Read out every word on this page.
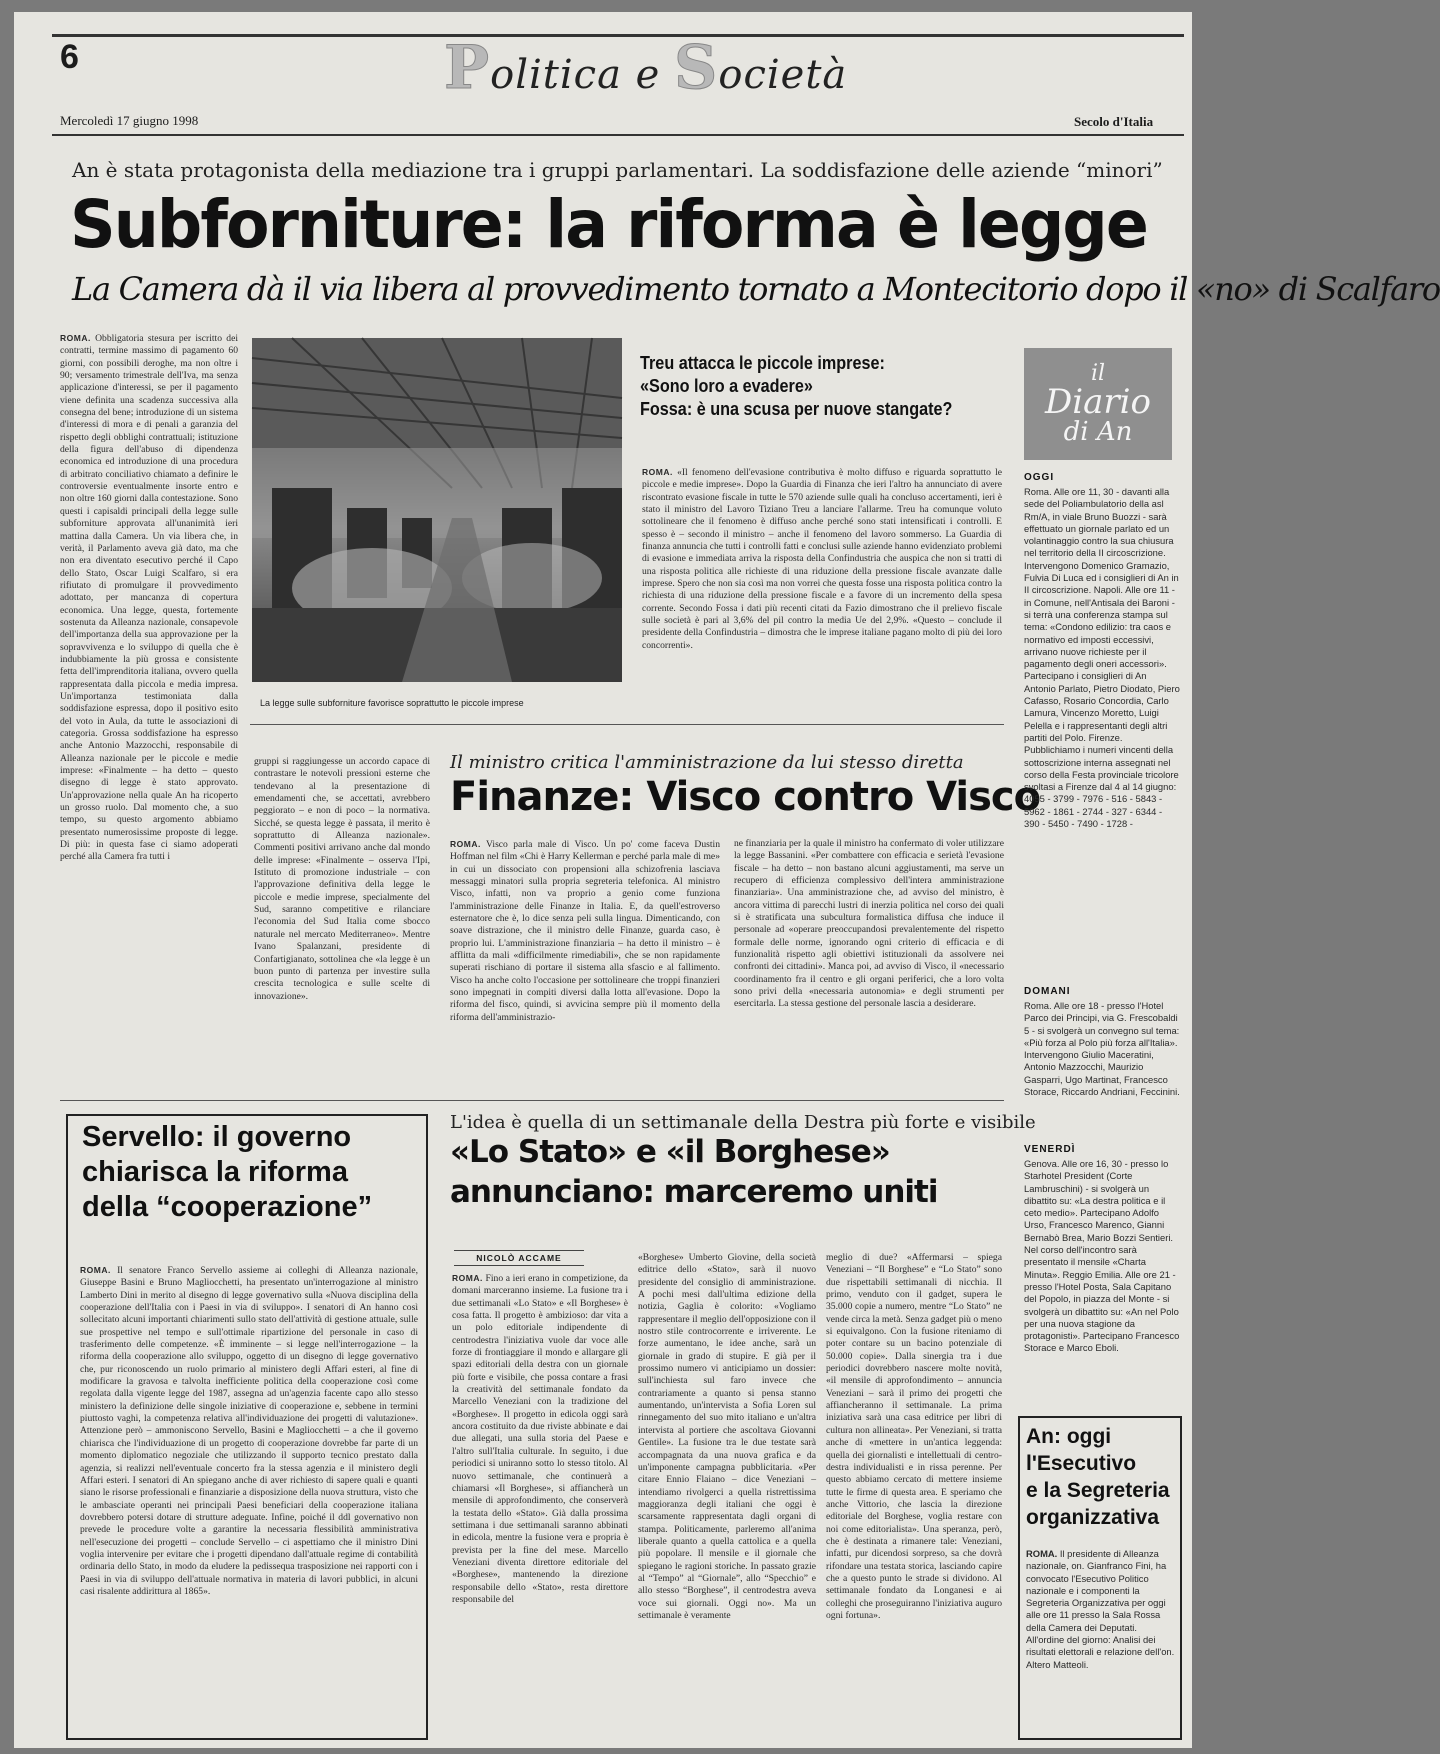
6	Politica e Società
Mercoledì 17 giugno 1998	Secolo d'Italia
An è stata protagonista della mediazione tra i gruppi parlamentari. La soddisfazione delle aziende “minori”
Subforniture: la riforma è legge
La Camera dà il via libera al provvedimento tornato a Montecitorio dopo il «no» di Scalfaro
ROMA. Obbligatoria stesura per iscritto dei contratti, termine massimo di pagamento 60 giorni, con possibili deroghe, ma non oltre i 90; versamento trimestrale dell'Iva, ma senza applicazione d'interessi, se per il pagamento viene definita una scadenza successiva alla consegna del bene; introduzione di un sistema d'interessi di mora e di penali a garanzia del rispetto degli obblighi contrattuali; istituzione della figura dell'abuso di dipendenza economica ed introduzione di una procedura di arbitrato conciliativo chiamato a definire le controversie eventualmente insorte entro e non oltre 160 giorni dalla contestazione. Sono questi i capisaldi principali della legge sulle subforniture approvata all'unanimità ieri mattina dalla Camera. Un via libera che, in verità, il Parlamento aveva già dato, ma che non era diventato esecutivo perché il Capo dello Stato, Oscar Luigi Scalfaro, si era rifiutato di promulgare il provvedimento adottato, per mancanza di copertura economica. Una legge, questa, fortemente sostenuta da Alleanza nazionale, consapevole dell'importanza della sua approvazione per la sopravvivenza e lo sviluppo di quella che è indubbiamente la più grossa e consistente fetta dell'imprenditoria italiana, ovvero quella rappresentata dalla piccola e media impresa. Un'importanza testimoniata dalla soddisfazione espressa, dopo il positivo esito del voto in Aula, da tutte le associazioni di categoria. Grossa soddisfazione ha espresso anche Antonio Mazzocchi, responsabile di Alleanza nazionale per le piccole e medie imprese: «Finalmente – ha detto – questo disegno di legge è stato approvato. Un'approvazione nella quale An ha ricoperto un grosso ruolo. Dal momento che, a suo tempo, su questo argomento abbiamo presentato numerosissime proposte di legge. Di più: in questa fase ci siamo adoperati perché alla Camera fra tutti i
La legge sulle subforniture favorisce soprattutto le piccole imprese
Treu attacca le piccole imprese:
«Sono loro a evadere»
Fossa: è una scusa per nuove stangate?
ROMA. «Il fenomeno dell'evasione contributiva è molto diffuso e riguarda soprattutto le piccole e medie imprese». Dopo la Guardia di Finanza che ieri l'altro ha annunciato di avere riscontrato evasione fiscale in tutte le 570 aziende sulle quali ha concluso accertamenti, ieri è stato il ministro del Lavoro Tiziano Treu a lanciare l'allarme. Treu ha comunque voluto sottolineare che il fenomeno è diffuso anche perché sono stati intensificati i controlli. E spesso è – secondo il ministro – anche il fenomeno del lavoro sommerso. La Guardia di finanza annuncia che tutti i controlli fatti e conclusi sulle aziende hanno evidenziato problemi di evasione e immediata arriva la risposta della Confindustria che auspica che non si tratti di una risposta politica alle richieste di una riduzione della pressione fiscale avanzate dalle imprese. Spero che non sia così ma non vorrei che questa fosse una risposta politica contro la richiesta di una riduzione della pressione fiscale e a favore di un incremento della spesa corrente. Secondo Fossa i dati più recenti citati da Fazio dimostrano che il prelievo fiscale sulle società è pari al 3,6% del pil contro la media Ue del 2,9%. «Questo – conclude il presidente della Confindustria – dimostra che le imprese italiane pagano molto di più dei loro concorrenti».
gruppi si raggiungesse un accordo capace di contrastare le notevoli pressioni esterne che tendevano al la presentazione di emendamenti che, se accettati, avrebbero peggiorato – e non di poco – la normativa. Sicché, se questa legge è passata, il merito è soprattutto di Alleanza nazionale». Commenti positivi arrivano anche dal mondo delle imprese: «Finalmente – osserva l'Ipi, Istituto di promozione industriale – con l'approvazione definitiva della legge le piccole e medie imprese, specialmente del Sud, saranno competitive e rilanciare l'economia del Sud Italia come sbocco naturale nel mercato Mediterraneo». Mentre Ivano Spalanzani, presidente di Confartigianato, sottolinea che «la legge è un buon punto di partenza per investire sulla crescita tecnologica e sulle scelte di innovazione».
Il ministro critica l'amministrazione da lui stesso diretta
Finanze: Visco contro Visco
ROMA. Visco parla male di Visco. Un po' come faceva Dustin Hoffman nel film «Chi è Harry Kellerman e perché parla male di me» in cui un dissociato con propensioni alla schizofrenia lasciava messaggi minatori sulla propria segreteria telefonica. Al ministro Visco, infatti, non va proprio a genio come funziona l'amministrazione delle Finanze in Italia. E, da quell'estroverso esternatore che è, lo dice senza peli sulla lingua. Dimenticando, con soave distrazione, che il ministro delle Finanze, guarda caso, è proprio lui. L'amministrazione finanziaria – ha detto il ministro – è afflitta da mali «difficilmente rimediabili», che se non rapidamente superati rischiano di portare il sistema alla sfascio e al fallimento. Visco ha anche colto l'occasione per sottolineare che troppi finanzieri sono impegnati in compiti diversi dalla lotta all'evasione. Dopo la riforma del fisco, quindi, si avvicina sempre più il momento della riforma dell'amministrazio-
ne finanziaria per la quale il ministro ha confermato di voler utilizzare la legge Bassanini. «Per combattere con efficacia e serietà l'evasione fiscale – ha detto – non bastano alcuni aggiustamenti, ma serve un recupero di efficienza complessivo dell'intera amministrazione finanziaria». Una amministrazione che, ad avviso del ministro, è ancora vittima di parecchi lustri di inerzia politica nel corso dei quali si è stratificata una subcultura formalistica diffusa che induce il personale ad «operare preoccupandosi prevalentemente del rispetto formale delle norme, ignorando ogni criterio di efficacia e di funzionalità rispetto agli obiettivi istituzionali da assolvere nei confronti dei cittadini». Manca poi, ad avviso di Visco, il «necessario coordinamento fra il centro e gli organi periferici, che a loro volta sono privi della «necessaria autonomia» e degli strumenti per esercitarla. La stessa gestione del personale lascia a desiderare.
Servello: il governo
chiarisca la riforma
della “cooperazione”
ROMA. Il senatore Franco Servello assieme ai colleghi di Alleanza nazionale, Giuseppe Basini e Bruno Magliocchetti, ha presentato un'interrogazione al ministro Lamberto Dini in merito al disegno di legge governativo sulla «Nuova disciplina della cooperazione dell'Italia con i Paesi in via di sviluppo». I senatori di An hanno così sollecitato alcuni importanti chiarimenti sullo stato dell'attività di gestione attuale, sulle sue prospettive nel tempo e sull'ottimale ripartizione del personale in caso di trasferimento delle competenze. «È imminente – si legge nell'interrogazione – la riforma della cooperazione allo sviluppo, oggetto di un disegno di legge governativo che, pur riconoscendo un ruolo primario al ministero degli Affari esteri, al fine di modificare la gravosa e talvolta inefficiente politica della cooperazione così come regolata dalla vigente legge del 1987, assegna ad un'agenzia facente capo allo stesso ministero la definizione delle singole iniziative di cooperazione e, sebbene in termini piuttosto vaghi, la competenza relativa all'individuazione dei progetti di valutazione». Attenzione però – ammoniscono Servello, Basini e Magliocchetti – a che il governo chiarisca che l'individuazione di un progetto di cooperazione dovrebbe far parte di un momento diplomatico negoziale che utilizzando il supporto tecnico prestato dalla agenzia, si realizzi nell'eventuale concerto fra la stessa agenzia e il ministero degli Affari esteri. I senatori di An spiegano anche di aver richiesto di sapere quali e quanti siano le risorse professionali e finanziarie a disposizione della nuova struttura, visto che le ambasciate operanti nei principali Paesi beneficiari della cooperazione italiana dovrebbero potersi dotare di strutture adeguate. Infine, poiché il ddl governativo non prevede le procedure volte a garantire la necessaria flessibilità amministrativa nell'esecuzione dei progetti – conclude Servello – ci aspettiamo che il ministro Dini voglia intervenire per evitare che i progetti dipendano dall'attuale regime di contabilità ordinaria dello Stato, in modo da eludere la pedissequa trasposizione nei rapporti con i Paesi in via di sviluppo dell'attuale normativa in materia di lavori pubblici, in alcuni casi risalente addirittura al 1865».
L'idea è quella di un settimanale della Destra più forte e visibile
«Lo Stato» e «il Borghese»
annunciano: marceremo uniti
NICOLÒ ACCAME
ROMA. Fino a ieri erano in competizione, da domani marceranno insieme. La fusione tra i due settimanali «Lo Stato» e «Il Borghese» è cosa fatta. Il progetto è ambizioso: dar vita a un polo editoriale indipendente di centrodestra l'iniziativa vuole dar voce alle forze di frontiaggiare il mondo e allargare gli spazi editoriali della destra con un giornale più forte e visibile, che possa contare a frasi la creatività del settimanale fondato da Marcello Veneziani con la tradizione del «Borghese». Il progetto in edicola oggi sarà ancora costituito da due riviste abbinate e dai due allegati, una sulla storia del Paese e l'altro sull'Italia culturale. In seguito, i due periodici si uniranno sotto lo stesso titolo. Al nuovo settimanale, che continuerà a chiamarsi «Il Borghese», si affiancherà un mensile di approfondimento, che conserverà la testata dello «Stato». Già dalla prossima settimana i due settimanali saranno abbinati in edicola, mentre la fusione vera e propria è prevista per la fine del mese. Marcello Veneziani diventa direttore editoriale del «Borghese», mantenendo la direzione responsabile dello «Stato», resta direttore responsabile del
«Borghese» Umberto Giovine, della società editrice dello «Stato», sarà il nuovo presidente del consiglio di amministrazione. A pochi mesi dall'ultima edizione della notizia, Gaglia è colorito: «Vogliamo rappresentare il meglio dell'opposizione con il nostro stile controcorrente e irriverente. Le forze aumentano, le idee anche, sarà un giornale in grado di stupire. E già per il prossimo numero vi anticipiamo un dossier: sull'inchiesta sul faro invece che contrariamente a quanto si pensa stanno aumentando, un'intervista a Sofia Loren sul rinnegamento del suo mito italiano e un'altra intervista al portiere che ascoltava Giovanni Gentile». La fusione tra le due testate sarà accompagnata da una nuova grafica e da un'imponente campagna pubblicitaria. «Per citare Ennio Flaiano – dice Veneziani – intendiamo rivolgerci a quella ristrettissima maggioranza degli italiani che oggi è scarsamente rappresentata dagli organi di stampa. Politicamente, parleremo all'anima liberale quanto a quella cattolica e a quella più popolare. Il mensile e il giornale che spiegano le ragioni storiche. In passato grazie al “Tempo” al “Giornale”, allo “Specchio” e allo stesso “Borghese”, il centrodestra aveva voce sui giornali. Oggi no». Ma un settimanale è veramente
meglio di due? «Affermarsi – spiega Veneziani – “Il Borghese” e “Lo Stato” sono due rispettabili settimanali di nicchia. Il primo, venduto con il gadget, supera le 35.000 copie a numero, mentre “Lo Stato” ne vende circa la metà. Senza gadget più o meno si equivalgono. Con la fusione riteniamo di poter contare su un bacino potenziale di 50.000 copie». Dalla sinergia tra i due periodici dovrebbero nascere molte novità, «il mensile di approfondimento – annuncia Veneziani – sarà il primo dei progetti che affiancheranno il settimanale. La prima iniziativa sarà una casa editrice per libri di cultura non allineata». Per Veneziani, si tratta anche di «mettere in un'antica leggenda: quella dei giornalisti e intellettuali di centro-destra individualisti e in rissa perenne. Per questo abbiamo cercato di mettere insieme tutte le firme di questa area. E speriamo che anche Vittorio, che lascia la direzione editoriale del Borghese, voglia restare con noi come editorialista». Una speranza, però, che è destinata a rimanere tale: Veneziani, infatti, pur dicendosi sorpreso, sa che dovrà rifondare una testata storica, lasciando capire che a questo punto le strade si dividono. Al settimanale fondato da Longanesi e ai colleghi che proseguiranno l'iniziativa auguro ogni fortuna».
il
Diario
di An
OGGI
Roma. Alle ore 11, 30 - davanti alla sede del Poliambulatorio della asl Rm/A, in viale Bruno Buozzi - sarà effettuato un giornale parlato ed un volantinaggio contro la sua chiusura nel territorio della II circoscrizione. Intervengono Domenico Gramazio, Fulvia Di Luca ed i consiglieri di An in II circoscrizione. Napoli. Alle ore 11 - in Comune, nell'Antisala dei Baroni - si terrà una conferenza stampa sul tema: «Condono edilizio: tra caos e normativo ed imposti eccessivi, arrivano nuove richieste per il pagamento degli oneri accessori». Partecipano i consiglieri di An Antonio Parlato, Pietro Diodato, Piero Cafasso, Rosario Concordia, Carlo Lamura, Vincenzo Moretto, Luigi Pelella e i rappresentanti degli altri partiti del Polo. Firenze. Pubblichiamo i numeri vincenti della sottoscrizione interna assegnati nel corso della Festa provinciale tricolore svoltasi a Firenze dal 4 al 14 giugno: 4055 - 3799 - 7976 - 516 - 5843 - 5962 - 1861 - 2744 - 327 - 6344 - 390 - 5450 - 7490 - 1728 -
DOMANI
Roma. Alle ore 18 - presso l'Hotel Parco dei Principi, via G. Frescobaldi 5 - si svolgerà un convegno sul tema: «Più forza al Polo più forza all'Italia». Intervengono Giulio Maceratini, Antonio Mazzocchi, Maurizio Gasparri, Ugo Martinat, Francesco Storace, Riccardo Andriani, Feccinini.
VENERDÌ
Genova. Alle ore 16, 30 - presso lo Starhotel President (Corte Lambruschini) - si svolgerà un dibattito su: «La destra politica e il ceto medio». Partecipano Adolfo Urso, Francesco Marenco, Gianni Bernabò Brea, Mario Bozzi Sentieri. Nel corso dell'incontro sarà presentato il mensile «Charta Minuta». Reggio Emilia. Alle ore 21 - presso l'Hotel Posta, Sala Capitano del Popolo, in piazza del Monte - si svolgerà un dibattito su: «An nel Polo per una nuova stagione da protagonisti». Partecipano Francesco Storace e Marco Eboli.
An: oggi
l'Esecutivo
e la Segreteria
organizzativa
ROMA. Il presidente di Alleanza nazionale, on. Gianfranco Fini, ha convocato l'Esecutivo Politico nazionale e i componenti la Segreteria Organizzativa per oggi alle ore 11 presso la Sala Rossa della Camera dei Deputati. All'ordine del giorno: Analisi dei risultati elettorali e relazione dell'on. Altero Matteoli.
